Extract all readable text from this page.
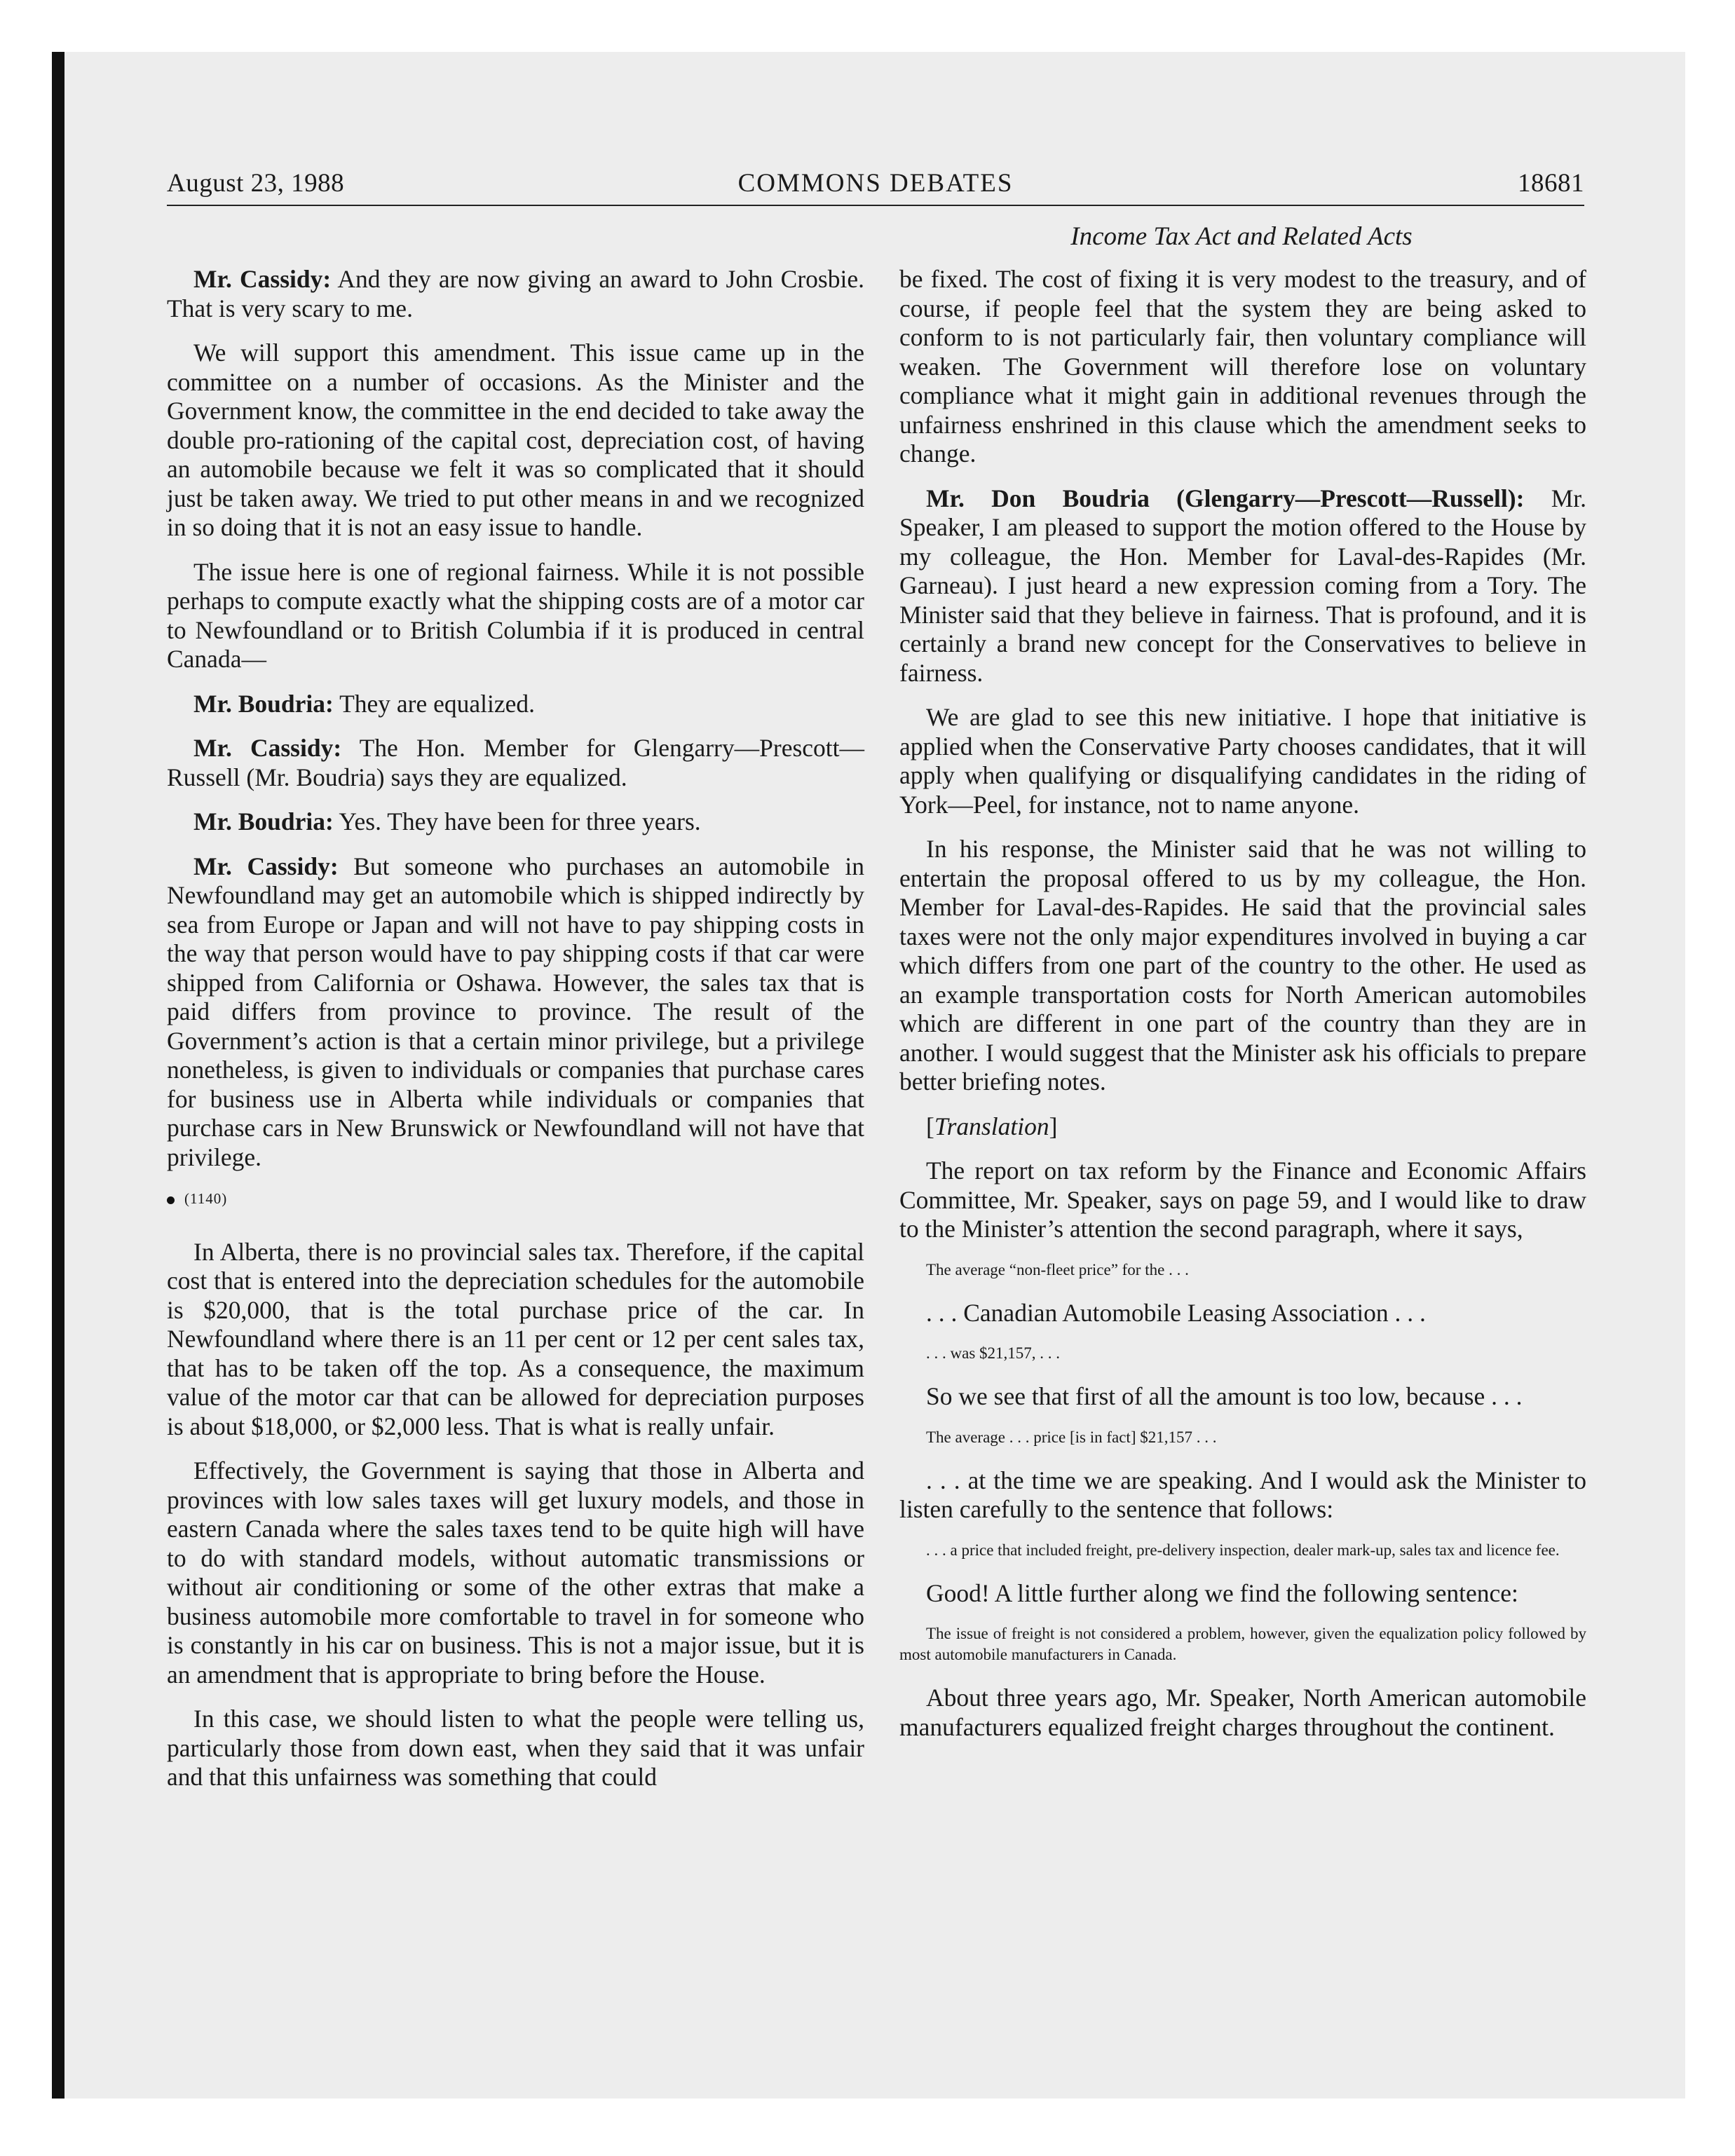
August 23, 1988	COMMONS DEBATES	18681
Income Tax Act and Related Acts

Mr. Cassidy: And they are now giving an award to John Crosbie. That is very scary to me.

We will support this amendment. This issue came up in the committee on a number of occasions. As the Minister and the Government know, the committee in the end decided to take away the double pro-rationing of the capital cost, depreciation cost, of having an automobile because we felt it was so complicated that it should just be taken away. We tried to put other means in and we recognized in so doing that it is not an easy issue to handle.

The issue here is one of regional fairness. While it is not possible perhaps to compute exactly what the shipping costs are of a motor car to Newfoundland or to British Columbia if it is produced in central Canada—

Mr. Boudria: They are equalized.

Mr. Cassidy: The Hon. Member for Glengarry—Prescott—Russell (Mr. Boudria) says they are equalized.

Mr. Boudria: Yes. They have been for three years.

Mr. Cassidy: But someone who purchases an automobile in Newfoundland may get an automobile which is shipped indirectly by sea from Europe or Japan and will not have to pay shipping costs in the way that person would have to pay shipping costs if that car were shipped from California or Oshawa. However, the sales tax that is paid differs from province to province. The result of the Government’s action is that a certain minor privilege, but a privilege nonetheless, is given to individuals or companies that purchase cares for business use in Alberta while individuals or companies that purchase cars in New Brunswick or Newfoundland will not have that privilege.

(1140)

In Alberta, there is no provincial sales tax. Therefore, if the capital cost that is entered into the depreciation schedules for the automobile is $20,000, that is the total purchase price of the car. In Newfoundland where there is an 11 per cent or 12 per cent sales tax, that has to be taken off the top. As a consequence, the maximum value of the motor car that can be allowed for depreciation purposes is about $18,000, or $2,000 less. That is what is really unfair.

Effectively, the Government is saying that those in Alberta and provinces with low sales taxes will get luxury models, and those in eastern Canada where the sales taxes tend to be quite high will have to do with standard models, without automatic transmissions or without air conditioning or some of the other extras that make a business automobile more comfortable to travel in for someone who is constantly in his car on business. This is not a major issue, but it is an amendment that is appropriate to bring before the House.

In this case, we should listen to what the people were telling us, particularly those from down east, when they said that it was unfair and that this unfairness was something that could

be fixed. The cost of fixing it is very modest to the treasury, and of course, if people feel that the system they are being asked to conform to is not particularly fair, then voluntary compliance will weaken. The Government will therefore lose on voluntary compliance what it might gain in additional revenues through the unfairness enshrined in this clause which the amendment seeks to change.

Mr. Don Boudria (Glengarry—Prescott—Russell): Mr. Speaker, I am pleased to support the motion offered to the House by my colleague, the Hon. Member for Laval-des-Rapides (Mr. Garneau). I just heard a new expression coming from a Tory. The Minister said that they believe in fairness. That is profound, and it is certainly a brand new concept for the Conservatives to believe in fairness.

We are glad to see this new initiative. I hope that initiative is applied when the Conservative Party chooses candidates, that it will apply when qualifying or disqualifying candidates in the riding of York—Peel, for instance, not to name anyone.

In his response, the Minister said that he was not willing to entertain the proposal offered to us by my colleague, the Hon. Member for Laval-des-Rapides. He said that the provincial sales taxes were not the only major expenditures involved in buying a car which differs from one part of the country to the other. He used as an example transportation costs for North American automobiles which are different in one part of the country than they are in another. I would suggest that the Minister ask his officials to prepare better briefing notes.

[Translation]

The report on tax reform by the Finance and Economic Affairs Committee, Mr. Speaker, says on page 59, and I would like to draw to the Minister’s attention the second paragraph, where it says,

The average “non-fleet price” for the . . .

. . . Canadian Automobile Leasing Association . . .

. . . was $21,157, . . .

So we see that first of all the amount is too low, because . . .

The average . . . price [is in fact] $21,157 . . .

. . . at the time we are speaking. And I would ask the Minister to listen carefully to the sentence that follows:

. . . a price that included freight, pre-delivery inspection, dealer mark-up, sales tax and licence fee.

Good! A little further along we find the following sentence:

The issue of freight is not considered a problem, however, given the equalization policy followed by most automobile manufacturers in Canada.

About three years ago, Mr. Speaker, North American automobile manufacturers equalized freight charges throughout the continent.
